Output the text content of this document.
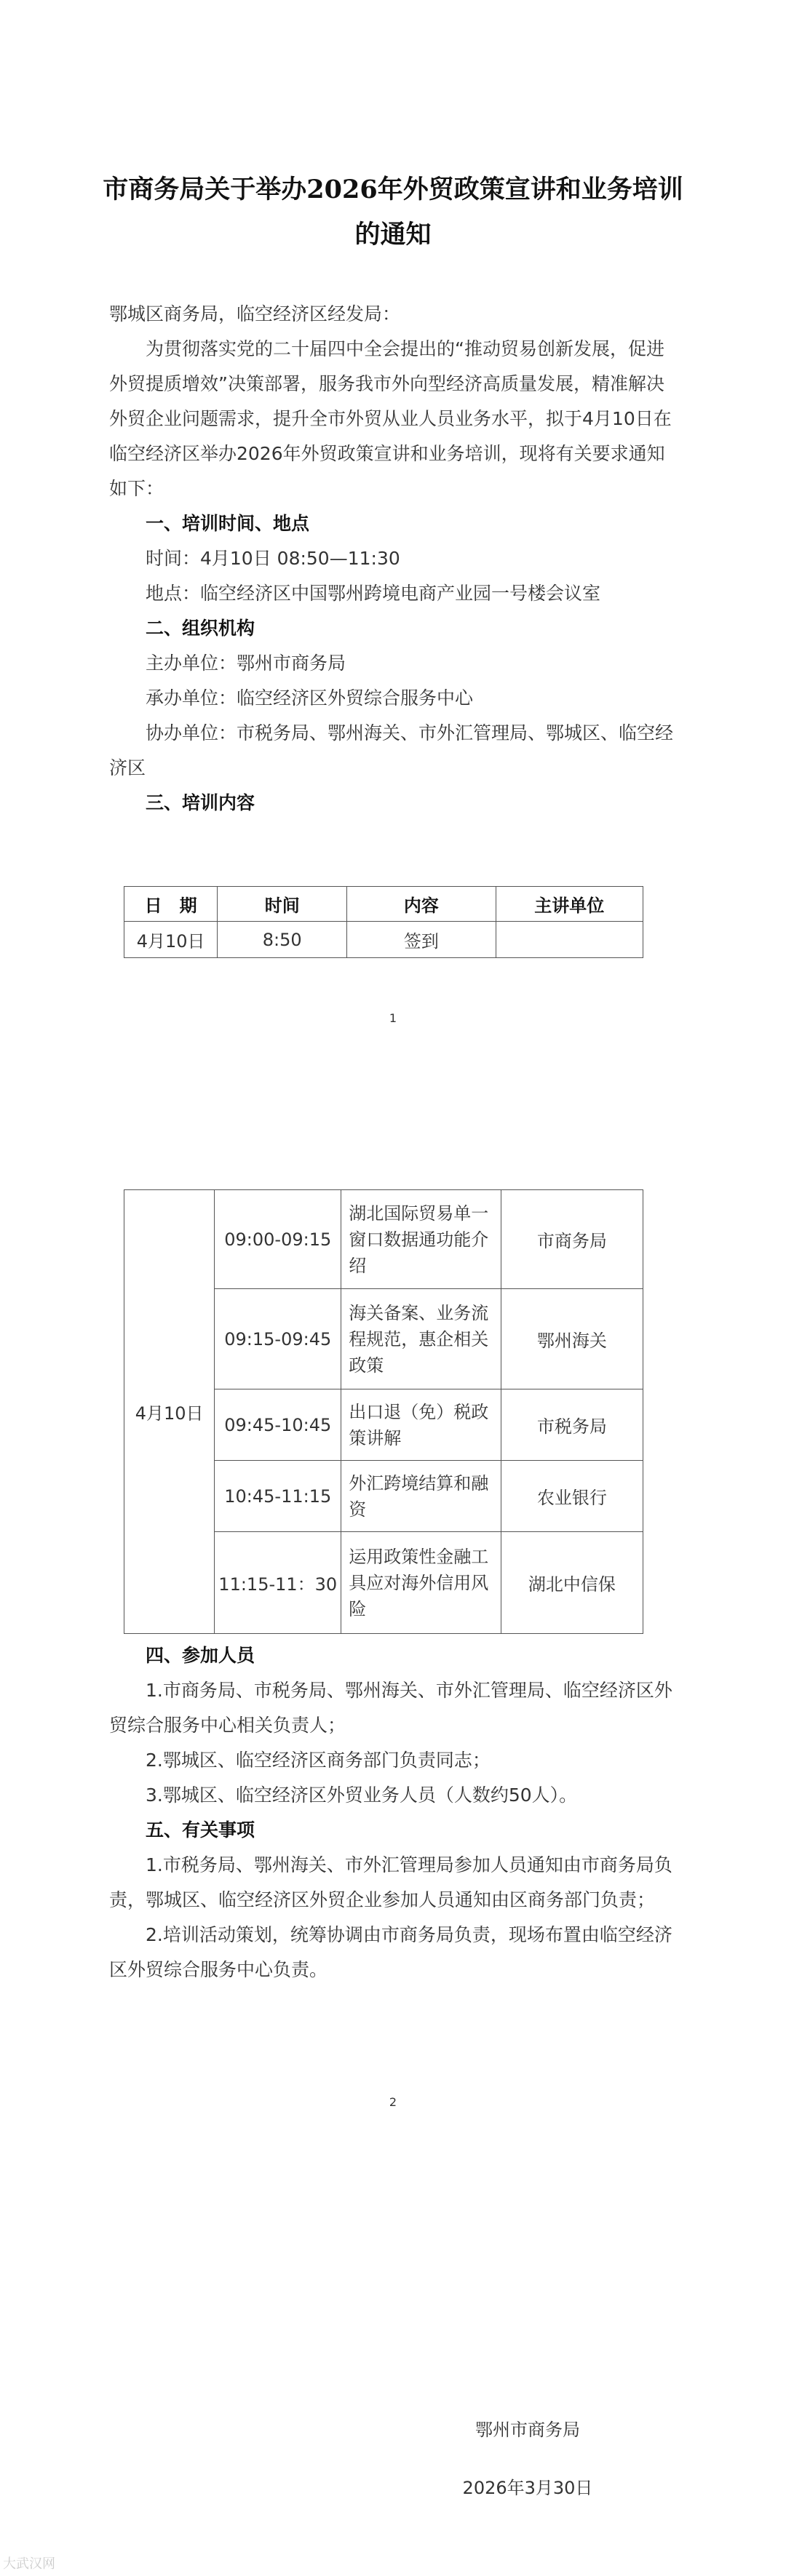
市商务局关于举办2026年外贸政策宣讲和业务培训的通知

鄂城区商务局，临空经济区经发局：

为贯彻落实党的二十届四中全会提出的“推动贸易创新发展，促进外贸提质增效”决策部署，服务我市外向型经济高质量发展，精准解决外贸企业问题需求，提升全市外贸从业人员业务水平，拟于4月10日在临空经济区举办2026年外贸政策宣讲和业务培训，现将有关要求通知如下：

一、培训时间、地点

时间：4月10日 08:50—11:30

地点：临空经济区中国鄂州跨境电商产业园一号楼会议室

二、组织机构

主办单位：鄂州市商务局

承办单位：临空经济区外贸综合服务中心

协办单位：市税务局、鄂州海关、市外汇管理局、鄂城区、临空经济区

三、培训内容

日　期	时间	内容	主讲单位
4月10日	8:50	签到	
1
4月10日	09:00-09:15	湖北国际贸易单一窗口数据通功能介绍	市商务局
	09:15-09:45	海关备案、业务流程规范，惠企相关政策	鄂州海关
	09:45-10:45	出口退（免）税政策讲解	市税务局
	10:45-11:15	外汇跨境结算和融资	农业银行
	11:15-11：30	运用政策性金融工具应对海外信用风险	湖北中信保

四、参加人员

1.市商务局、市税务局、鄂州海关、市外汇管理局、临空经济区外贸综合服务中心相关负责人；

2.鄂城区、临空经济区商务部门负责同志；

3.鄂城区、临空经济区外贸业务人员（人数约50人）。

五、有关事项

1.市税务局、鄂州海关、市外汇管理局参加人员通知由市商务局负责，鄂城区、临空经济区外贸企业参加人员通知由区商务部门负责；

2.培训活动策划，统筹协调由市商务局负责，现场布置由临空经济区外贸综合服务中心负责。

2
鄂州市商务局
2026年3月30日
大武汉网
